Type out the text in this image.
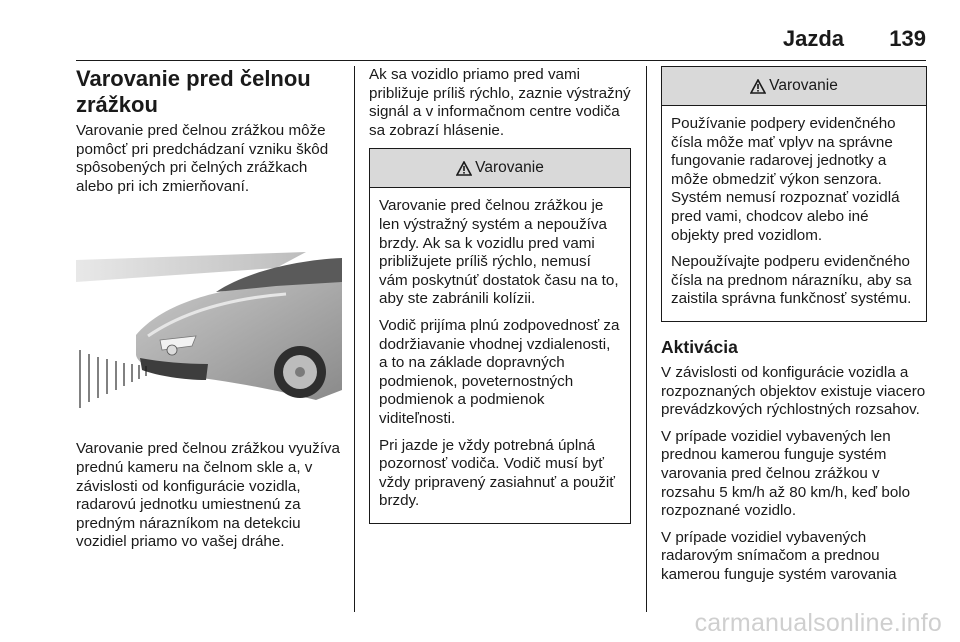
Jazda 139
Varovanie pred čelnou zrážkou

Varovanie pred čelnou zrážkou môže pomôcť pri predchádzaní vzniku škôd spôsobených pri čelných zrážkach alebo pri ich zmierňovaní.

Varovanie pred čelnou zrážkou využíva prednú kameru na čelnom skle a, v závislosti od konfigurácie vozidla, radarovú jednotku umiestnenú za predným nárazníkom na detekciu vozidiel priamo vo vašej dráhe.

Ak sa vozidlo priamo pred vami približuje príliš rýchlo, zaznie výstražný signál a v informačnom centre vodiča sa zobrazí hlásenie.

Varovanie

Varovanie pred čelnou zrážkou je len výstražný systém a nepoužíva brzdy. Ak sa k vozidlu pred vami približujete príliš rýchlo, nemusí vám poskytnúť dostatok času na to, aby ste zabránili kolízii.

Vodič prijíma plnú zodpovednosť za dodržiavanie vhodnej vzdialenosti, a to na základe dopravných podmienok, poveternostných podmienok a podmienok viditeľnosti.

Pri jazde je vždy potrebná úplná pozornosť vodiča. Vodič musí byť vždy pripravený zasiahnuť a použiť brzdy.

Varovanie

Používanie podpery evidenčného čísla môže mať vplyv na správne fungovanie radarovej jednotky a môže obmedziť výkon senzora. Systém nemusí rozpoznať vozidlá pred vami, chodcov alebo iné objekty pred vozidlom.

Nepoužívajte podperu evidenčného čísla na prednom nárazníku, aby sa zaistila správna funkčnosť systému.

Aktivácia

V závislosti od konfigurácie vozidla a rozpoznaných objektov existuje viacero prevádzkových rýchlostných rozsahov.

V prípade vozidiel vybavených len prednou kamerou funguje systém varovania pred čelnou zrážkou v rozsahu 5 km/h až 80 km/h, keď bolo rozpoznané vozidlo.

V prípade vozidiel vybavených radarovým snímačom a prednou kamerou funguje systém varovania

carmanualsonline.info
